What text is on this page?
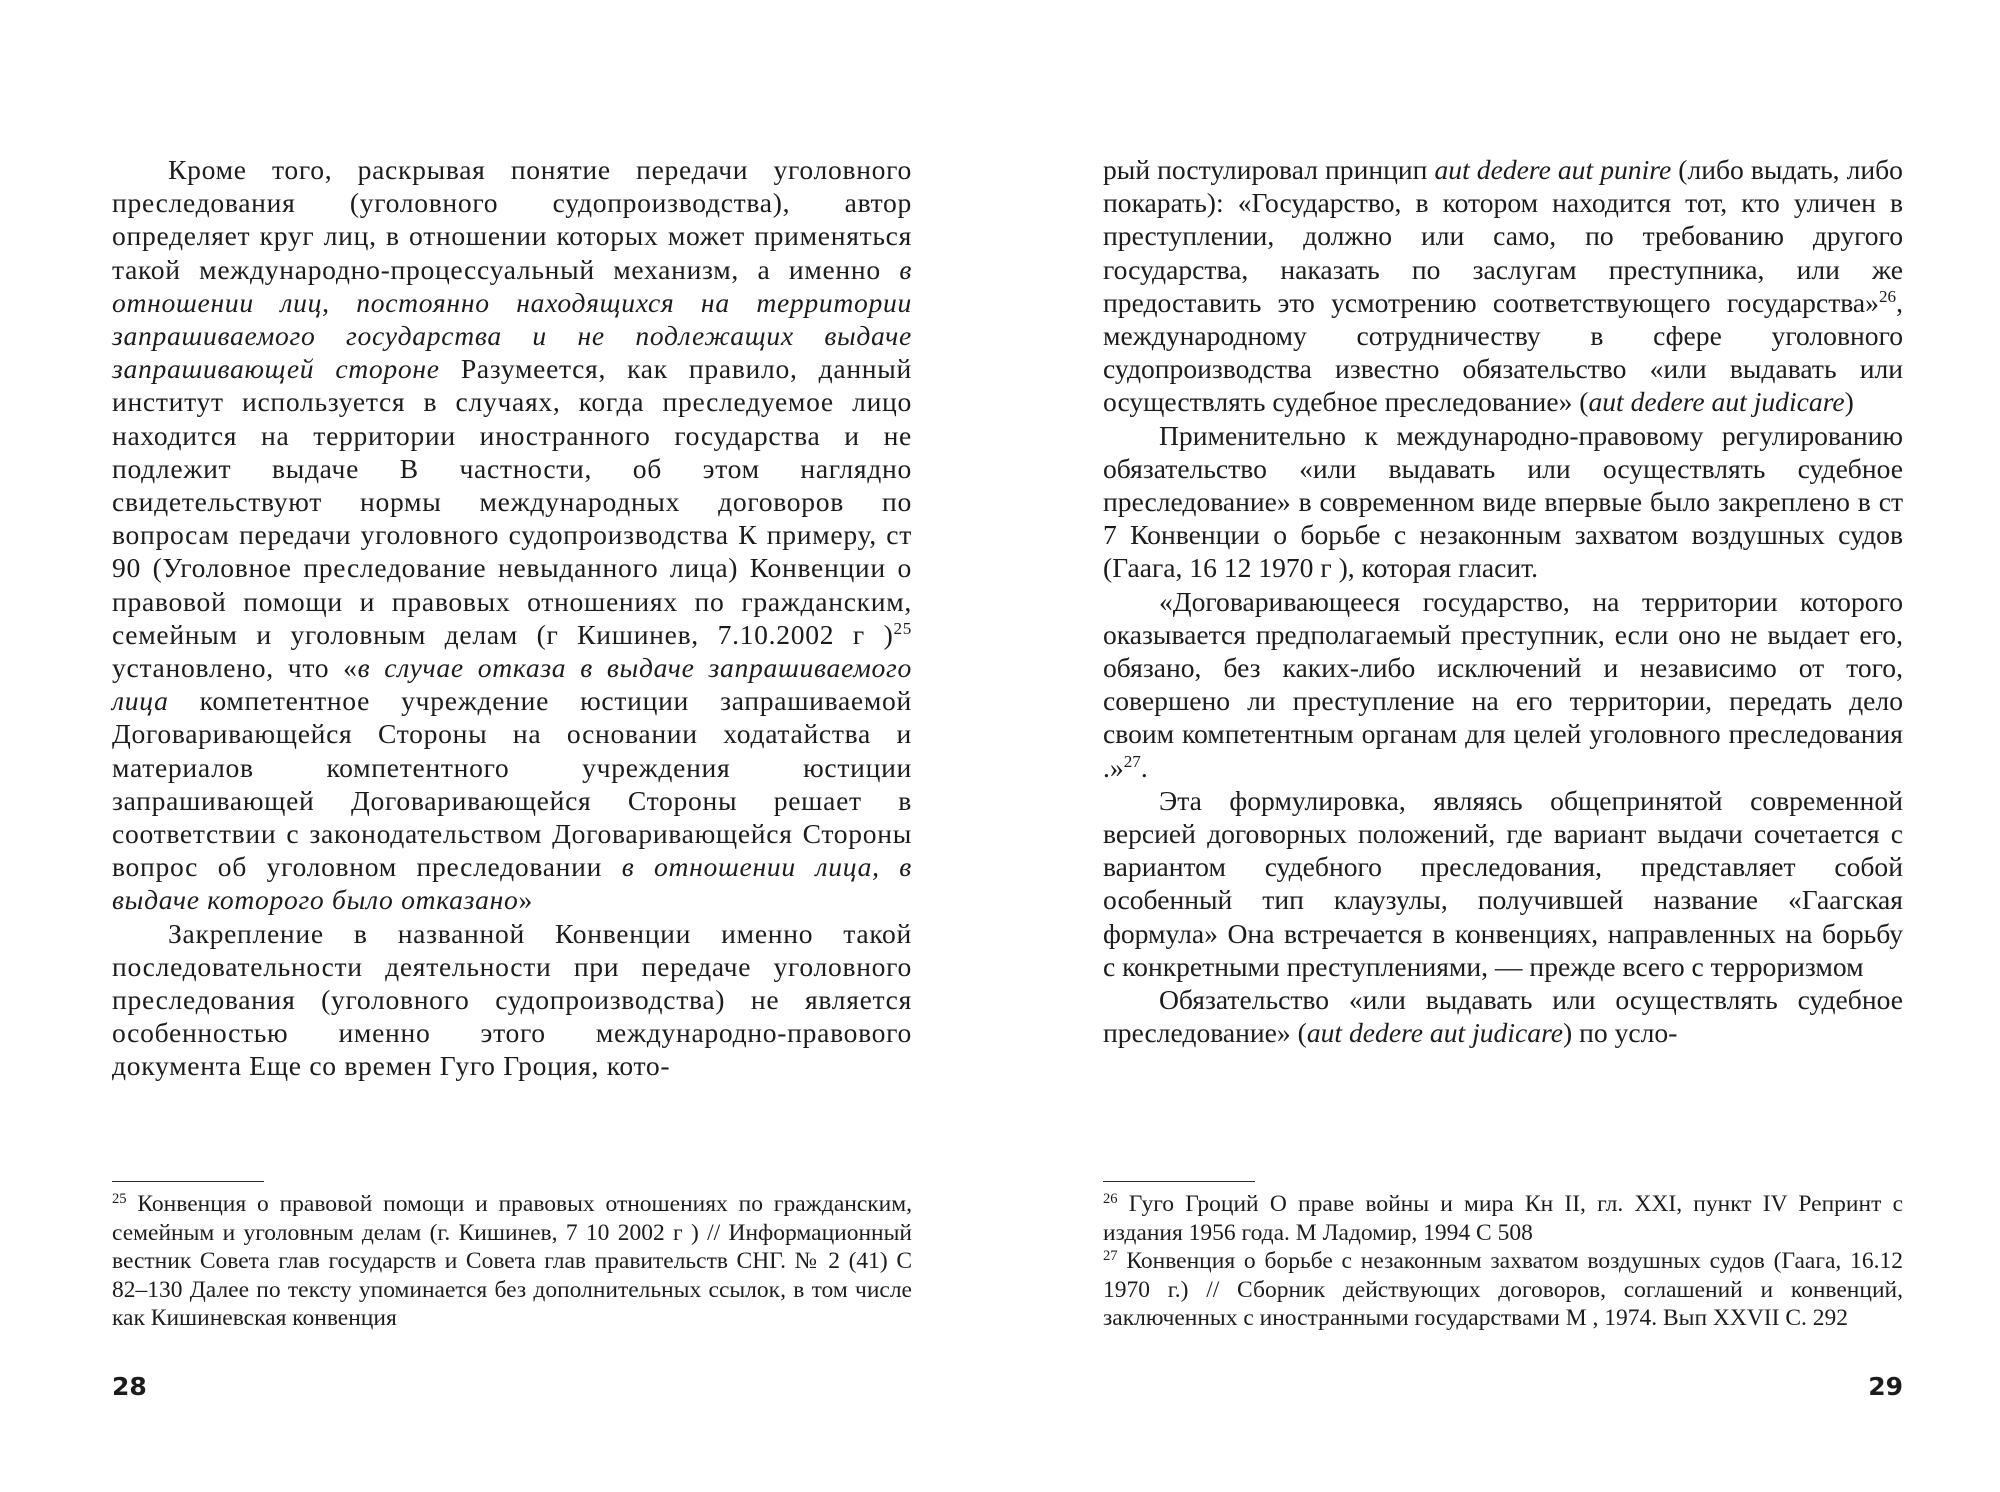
Кроме того, раскрывая понятие передачи уголовного преследования (уголовного судопроизводства), автор определяет круг лиц, в отношении которых может применяться такой международно-процессуальный механизм, а именно в отношении лиц, постоянно находящихся на территории запрашиваемого государства и не подлежащих выдаче запрашивающей стороне Разумеется, как правило, данный институт используется в случаях, когда преследуемое лицо находится на территории иностранного государства и не подлежит выдаче В частности, об этом наглядно свидетельствуют нормы международных договоров по вопросам передачи уголовного судопроизводства К примеру, ст 90 (Уголовное преследование невыданного лица) Конвенции о правовой помощи и правовых отношениях по гражданским, семейным и уголовным делам (г Кишинев, 7.10.2002 г )$^{25}$ установлено, что «в случае отказа в выдаче запрашиваемого лица компетентное учреждение юстиции запрашиваемой Договаривающейся Стороны на основании ходатайства и материалов компетентного учреждения юстиции запрашивающей Договаривающейся Стороны решает в соответствии с законодательством Договаривающейся Стороны вопрос об уголовном преследовании в отношении лица, в выдаче которого было отказано»

Закрепление в названной Конвенции именно такой последовательности деятельности при передаче уголовного преследования (уголовного судопроизводства) не является особенностью именно этого международно-правового документа Еще со времен Гуго Гроция, кото-

$^{25}$ Конвенция о правовой помощи и правовых отношениях по гражданским, семейным и уголовным делам (г. Кишинев, 7 10 2002 г ) // Информационный вестник Совета глав государств и Совета глав правительств СНГ. № 2 (41) С 82–130 Далее по тексту упоминается без дополнительных ссылок, в том числе как Кишиневская конвенция

28

рый постулировал принцип aut dedere aut punire (либо выдать, либо покарать): «Государство, в котором находится тот, кто уличен в преступлении, должно или само, по требованию другого государства, наказать по заслугам преступника, или же предоставить это усмотрению соответствующего государства»$^{26}$, международному сотрудничеству в сфере уголовного судопроизводства известно обязательство «или выдавать или осуществлять судебное преследование» (aut dedere aut judicare)

Применительно к международно-правовому регулированию обязательство «или выдавать или осуществлять судебное преследование» в современном виде впервые было закреплено в ст 7 Конвенции о борьбе с незаконным захватом воздушных судов (Гаага, 16 12 1970 г ), которая гласит.

«Договаривающееся государство, на территории которого оказывается предполагаемый преступник, если оно не выдает его, обязано, без каких-либо исключений и независимо от того, совершено ли преступление на его территории, передать дело своим компетентным органам для целей уголовного преследования .»$^{27}$.

Эта формулировка, являясь общепринятой современной версией договорных положений, где вариант выдачи сочетается с вариантом судебного преследования, представляет собой особенный тип клаузулы, получившей название «Гаагская формула» Она встречается в конвенциях, направленных на борьбу с конкретными преступлениями, — прежде всего с терроризмом

Обязательство «или выдавать или осуществлять судебное преследование» (aut dedere aut judicare) по усло-

$^{26}$ Гуго Гроций О праве войны и мира Кн II, гл. XXI, пункт IV Репринт с издания 1956 года. М Ладомир, 1994 С 508

$^{27}$ Конвенция о борьбе с незаконным захватом воздушных судов (Гаага, 16.12 1970 г.) // Сборник действующих договоров, соглашений и конвенций, заключенных с иностранными государствами М , 1974. Вып XXVII С. 292

29
